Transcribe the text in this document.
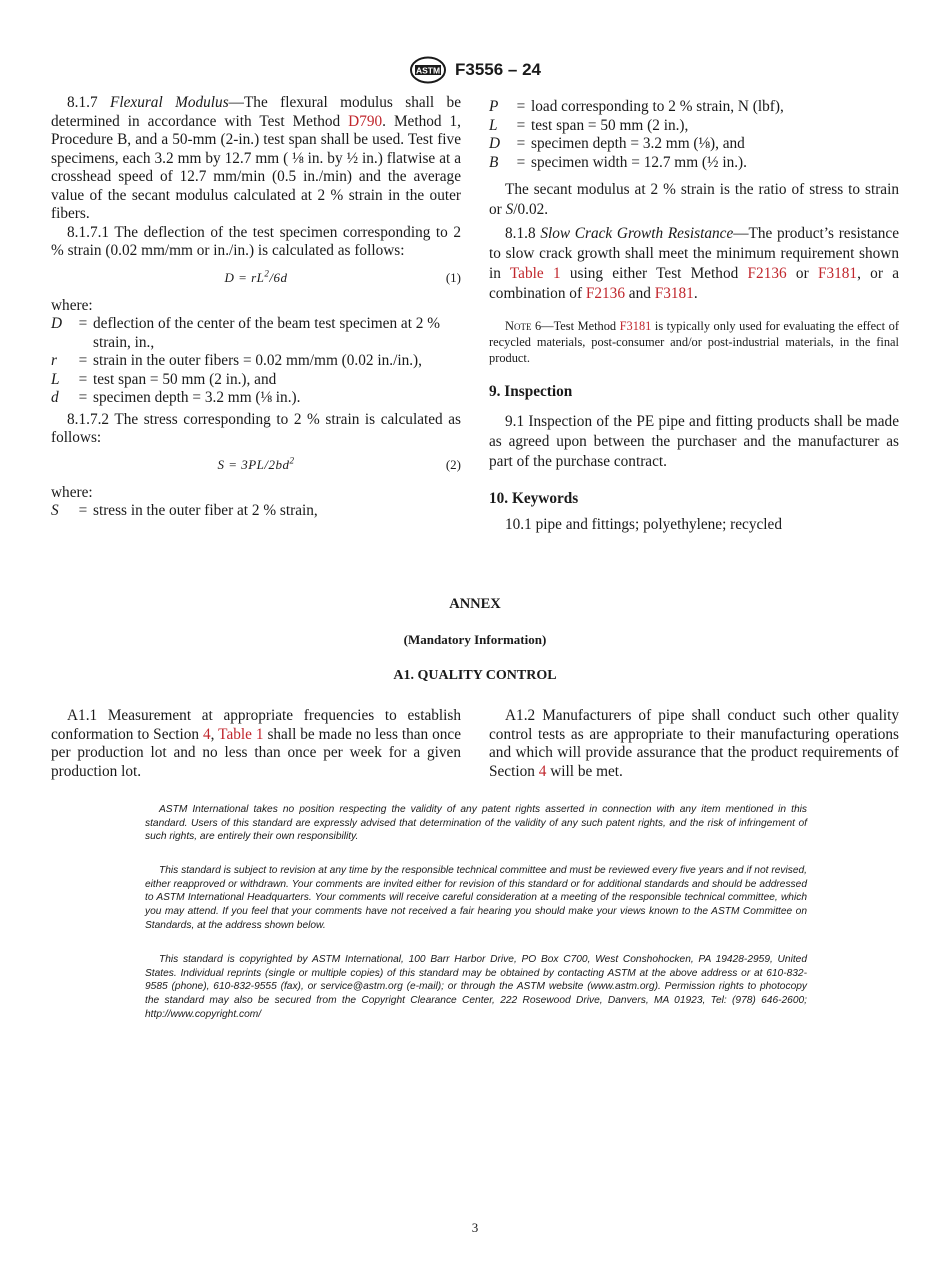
ASTM F3556 – 24

8.1.7 Flexural Modulus—The flexural modulus shall be determined in accordance with Test Method D790. Method 1, Procedure B, and a 50-mm (2-in.) test span shall be used. Test five specimens, each 3.2 mm by 12.7 mm ( ⅛ in. by ½ in.) flatwise at a crosshead speed of 12.7 mm/min (0.5 in./min) and the average value of the secant modulus calculated at 2 % strain in the outer fibers.

8.1.7.1 The deflection of the test specimen corresponding to 2 % strain (0.02 mm/mm or in./in.) is calculated as follows:

$D = rL^2/6d$	(1)

where:

D	= deflection of the center of the beam test specimen at 2 % strain, in.,
r	= strain in the outer fibers = 0.02 mm/mm (0.02 in./in.),
L	= test span = 50 mm (2 in.), and
d	= specimen depth = 3.2 mm (⅛ in.).

8.1.7.2 The stress corresponding to 2 % strain is calculated as follows:

$S = 3PL/2bd^2$	(2)

where:

S	= stress in the outer fiber at 2 % strain,
P	= load corresponding to 2 % strain, N (lbf),
L	= test span = 50 mm (2 in.),
D	= specimen depth = 3.2 mm (⅛), and
B	= specimen width = 12.7 mm (½ in.).

The secant modulus at 2 % strain is the ratio of stress to strain or S/0.02.

8.1.8 Slow Crack Growth Resistance—The product’s resistance to slow crack growth shall meet the minimum requirement shown in Table 1 using either Test Method F2136 or F3181, or a combination of F2136 and F3181.

Note 6—Test Method F3181 is typically only used for evaluating the effect of recycled materials, post-consumer and/or post-industrial materials, in the final product.

9. Inspection

9.1 Inspection of the PE pipe and fitting products shall be made as agreed upon between the purchaser and the manufacturer as part of the purchase contract.

10. Keywords

10.1 pipe and fittings; polyethylene; recycled

ANNEX
(Mandatory Information)
A1. QUALITY CONTROL

A1.1 Measurement at appropriate frequencies to establish conformation to Section 4, Table 1 shall be made no less than once per production lot and no less than once per week for a given production lot.

A1.2 Manufacturers of pipe shall conduct such other quality control tests as are appropriate to their manufacturing operations and which will provide assurance that the product requirements of Section 4 will be met.

ASTM International takes no position respecting the validity of any patent rights asserted in connection with any item mentioned in this standard. Users of this standard are expressly advised that determination of the validity of any such patent rights, and the risk of infringement of such rights, are entirely their own responsibility.

This standard is subject to revision at any time by the responsible technical committee and must be reviewed every five years and if not revised, either reapproved or withdrawn. Your comments are invited either for revision of this standard or for additional standards and should be addressed to ASTM International Headquarters. Your comments will receive careful consideration at a meeting of the responsible technical committee, which you may attend. If you feel that your comments have not received a fair hearing you should make your views known to the ASTM Committee on Standards, at the address shown below.

This standard is copyrighted by ASTM International, 100 Barr Harbor Drive, PO Box C700, West Conshohocken, PA 19428-2959, United States. Individual reprints (single or multiple copies) of this standard may be obtained by contacting ASTM at the above address or at 610-832-9585 (phone), 610-832-9555 (fax), or service@astm.org (e-mail); or through the ASTM website (www.astm.org). Permission rights to photocopy the standard may also be secured from the Copyright Clearance Center, 222 Rosewood Drive, Danvers, MA 01923, Tel: (978) 646-2600; http://www.copyright.com/

3
